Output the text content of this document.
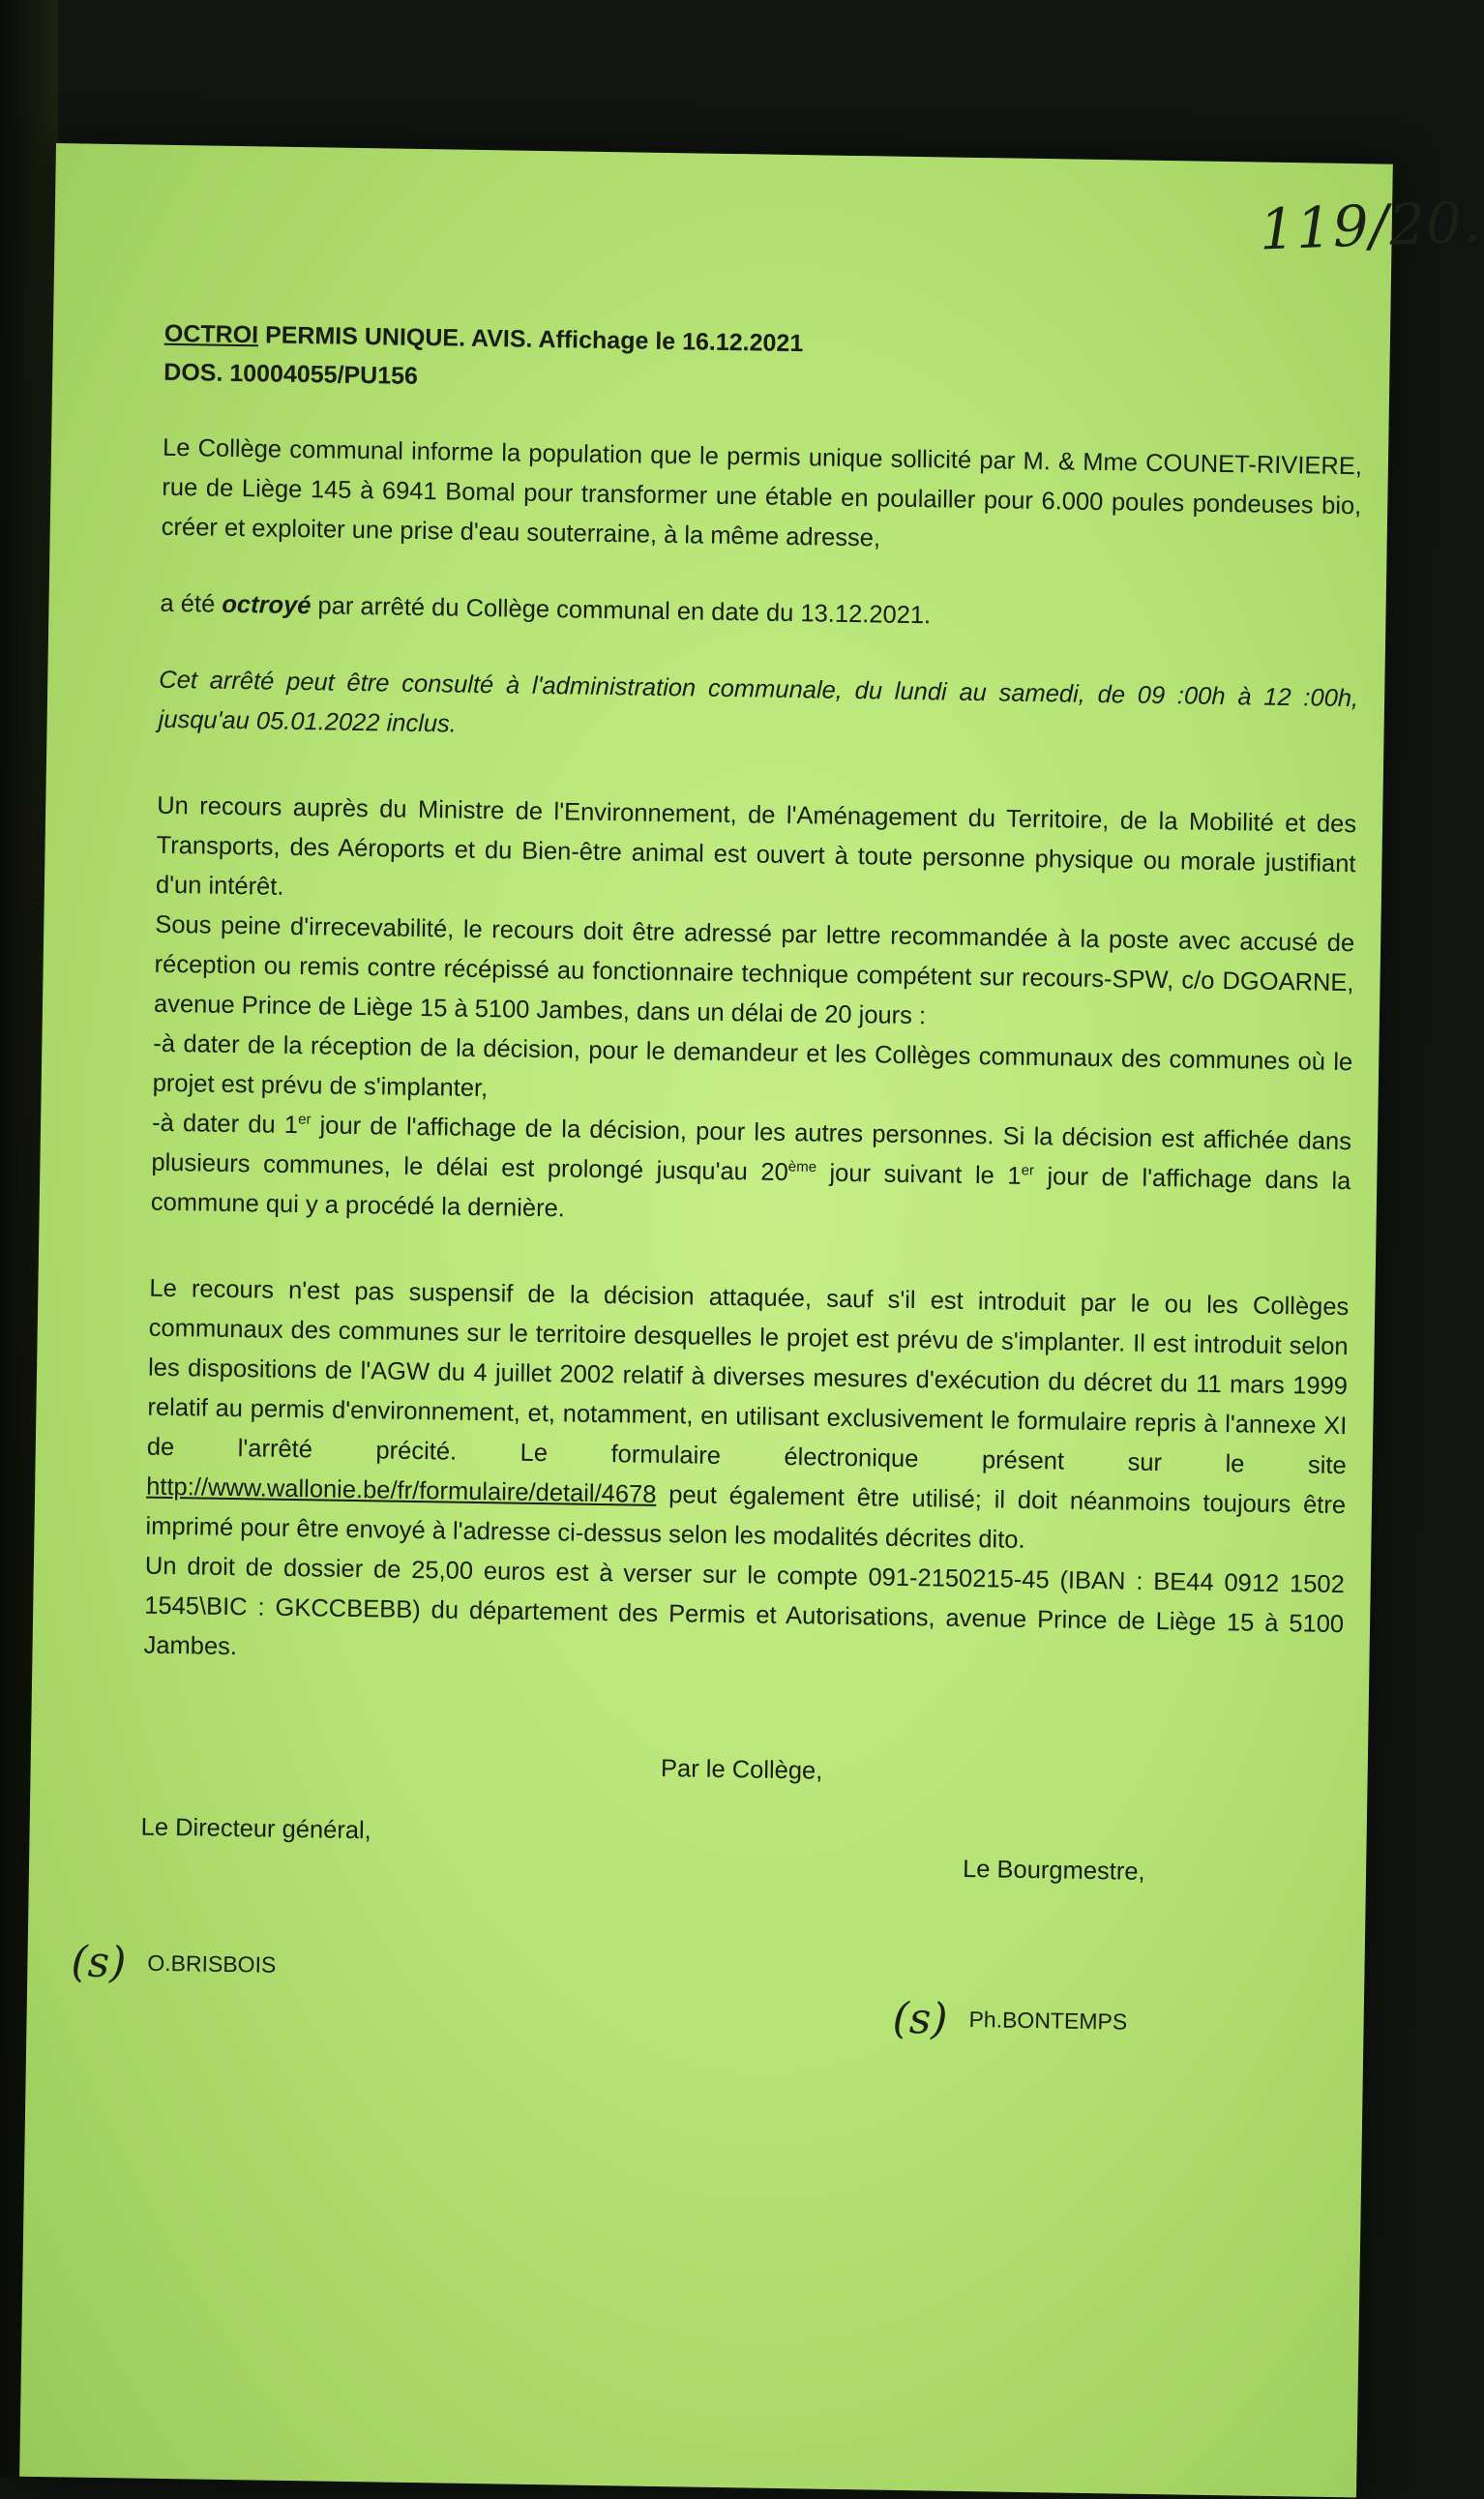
119/20.
OCTROI PERMIS UNIQUE. AVIS. Affichage le 16.12.2021
DOS. 10004055/PU156

Le Collège communal informe la population que le permis unique sollicité par M. & Mme COUNET-RIVIERE, rue de Liège 145 à 6941 Bomal pour transformer une étable en poulailler pour 6.000 poules pondeuses bio, créer et exploiter une prise d'eau souterraine, à la même adresse,

a été octroyé par arrêté du Collège communal en date du 13.12.2021.

Cet arrêté peut être consulté à l'administration communale, du lundi au samedi, de 09 :00h à 12 :00h, jusqu'au 05.01.2022 inclus.

Un recours auprès du Ministre de l'Environnement, de l'Aménagement du Territoire, de la Mobilité et des Transports, des Aéroports et du Bien-être animal est ouvert à toute personne physique ou morale justifiant d'un intérêt.

Sous peine d'irrecevabilité, le recours doit être adressé par lettre recommandée à la poste avec accusé de réception ou remis contre récépissé au fonctionnaire technique compétent sur recours-SPW, c/o DGOARNE, avenue Prince de Liège 15 à 5100 Jambes, dans un délai de 20 jours :

-à dater de la réception de la décision, pour le demandeur et les Collèges communaux des communes où le projet est prévu de s'implanter,

-à dater du 1er jour de l'affichage de la décision, pour les autres personnes. Si la décision est affichée dans plusieurs communes, le délai est prolongé jusqu'au 20ème jour suivant le 1er jour de l'affichage dans la commune qui y a procédé la dernière.

Le recours n'est pas suspensif de la décision attaquée, sauf s'il est introduit par le ou les Collèges communaux des communes sur le territoire desquelles le projet est prévu de s'implanter. Il est introduit selon les dispositions de l'AGW du 4 juillet 2002 relatif à diverses mesures d'exécution du décret du 11 mars 1999 relatif au permis d'environnement, et, notamment, en utilisant exclusivement le formulaire repris à l'annexe XI de l'arrêté précité. Le formulaire électronique présent sur le site http://www.wallonie.be/fr/formulaire/detail/4678 peut également être utilisé; il doit néanmoins toujours être imprimé pour être envoyé à l'adresse ci-dessus selon les modalités décrites dito.

Un droit de dossier de 25,00 euros est à verser sur le compte 091-2150215-45 (IBAN : BE44 0912 1502 1545\BIC : GKCCBEBB) du département des Permis et Autorisations, avenue Prince de Liège 15 à 5100 Jambes.

Par le Collège,
Le Directeur général,
Le Bourgmestre,
(s) O.BRISBOIS
(s) Ph.BONTEMPS
